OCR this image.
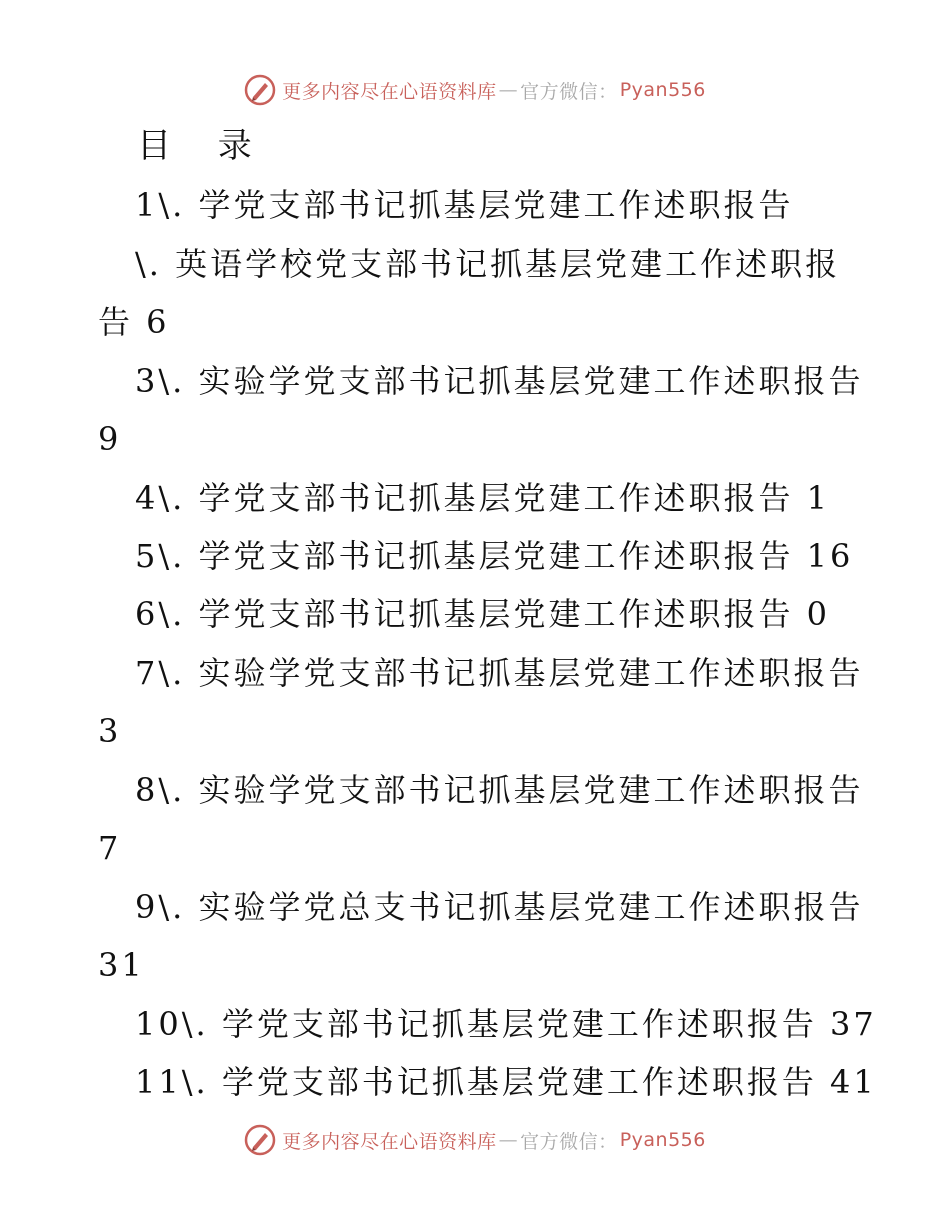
更多内容尽在心语资料库 — 官方微信： Pyan556
目 录
1\. 学党支部书记抓基层党建工作述职报告
\. 英语学校党支部书记抓基层党建工作述职报
告 6
3\. 实验学党支部书记抓基层党建工作述职报告
9
4\. 学党支部书记抓基层党建工作述职报告 1
5\. 学党支部书记抓基层党建工作述职报告 16
6\. 学党支部书记抓基层党建工作述职报告 0
7\. 实验学党支部书记抓基层党建工作述职报告
3
8\. 实验学党支部书记抓基层党建工作述职报告
7
9\. 实验学党总支书记抓基层党建工作述职报告
31
10\. 学党支部书记抓基层党建工作述职报告 37
11\. 学党支部书记抓基层党建工作述职报告 41
更多内容尽在心语资料库 — 官方微信： Pyan556
